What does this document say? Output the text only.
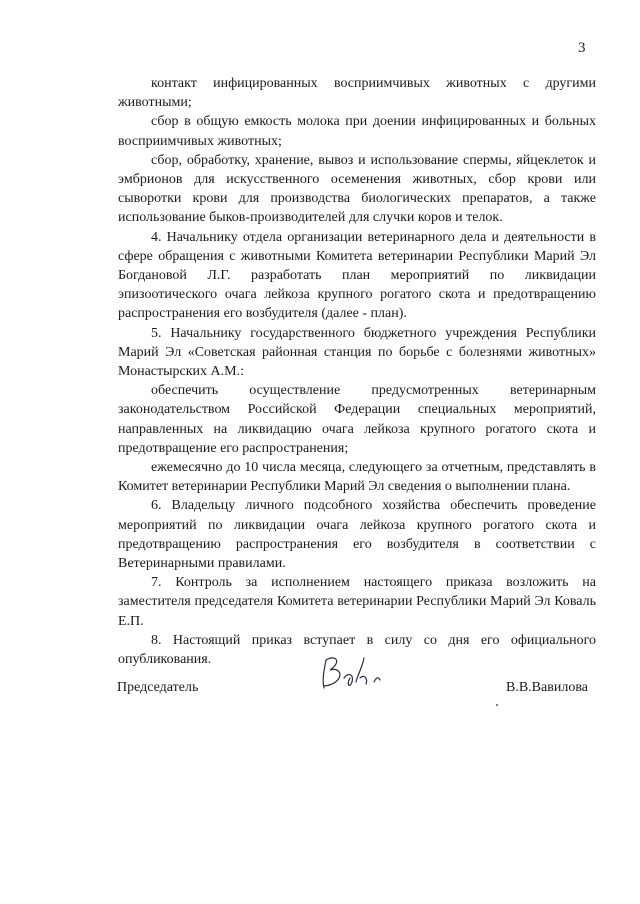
3

контакт инфицированных восприимчивых животных с другими животными;

сбор в общую емкость молока при доении инфицированных и больных восприимчивых животных;

сбор, обработку, хранение, вывоз и использование спермы, яйцеклеток и эмбрионов для искусственного осеменения животных, сбор крови или сыворотки крови для производства биологических препаратов, а также использование быков-производителей для случки коров и телок.

4. Начальнику отдела организации ветеринарного дела и деятельности в сфере обращения с животными Комитета ветеринарии Республики Марий Эл Богдановой Л.Г. разработать план мероприятий по ликвидации эпизоотического очага лейкоза крупного рогатого скота и предотвращению распространения его возбудителя (далее - план).

5. Начальнику государственного бюджетного учреждения Республики Марий Эл «Советская районная станция по борьбе с болезнями животных» Монастырских А.М.:

обеспечить осуществление предусмотренных ветеринарным законодательством Российской Федерации специальных мероприятий, направленных на ликвидацию очага лейкоза крупного рогатого скота и предотвращение его распространения;

ежемесячно до 10 числа месяца, следующего за отчетным, представлять в Комитет ветеринарии Республики Марий Эл сведения о выполнении плана.

6. Владельцу личного подсобного хозяйства обеспечить проведение мероприятий по ликвидации очага лейкоза крупного рогатого скота и предотвращению распространения его возбудителя в соответствии с Ветеринарными правилами.

7. Контроль за исполнением настоящего приказа возложить на заместителя председателя Комитета ветеринарии Республики Марий Эл Коваль Е.П.

8. Настоящий приказ вступает в силу со дня его официального опубликования.

Председатель	В.В.Вавилова
